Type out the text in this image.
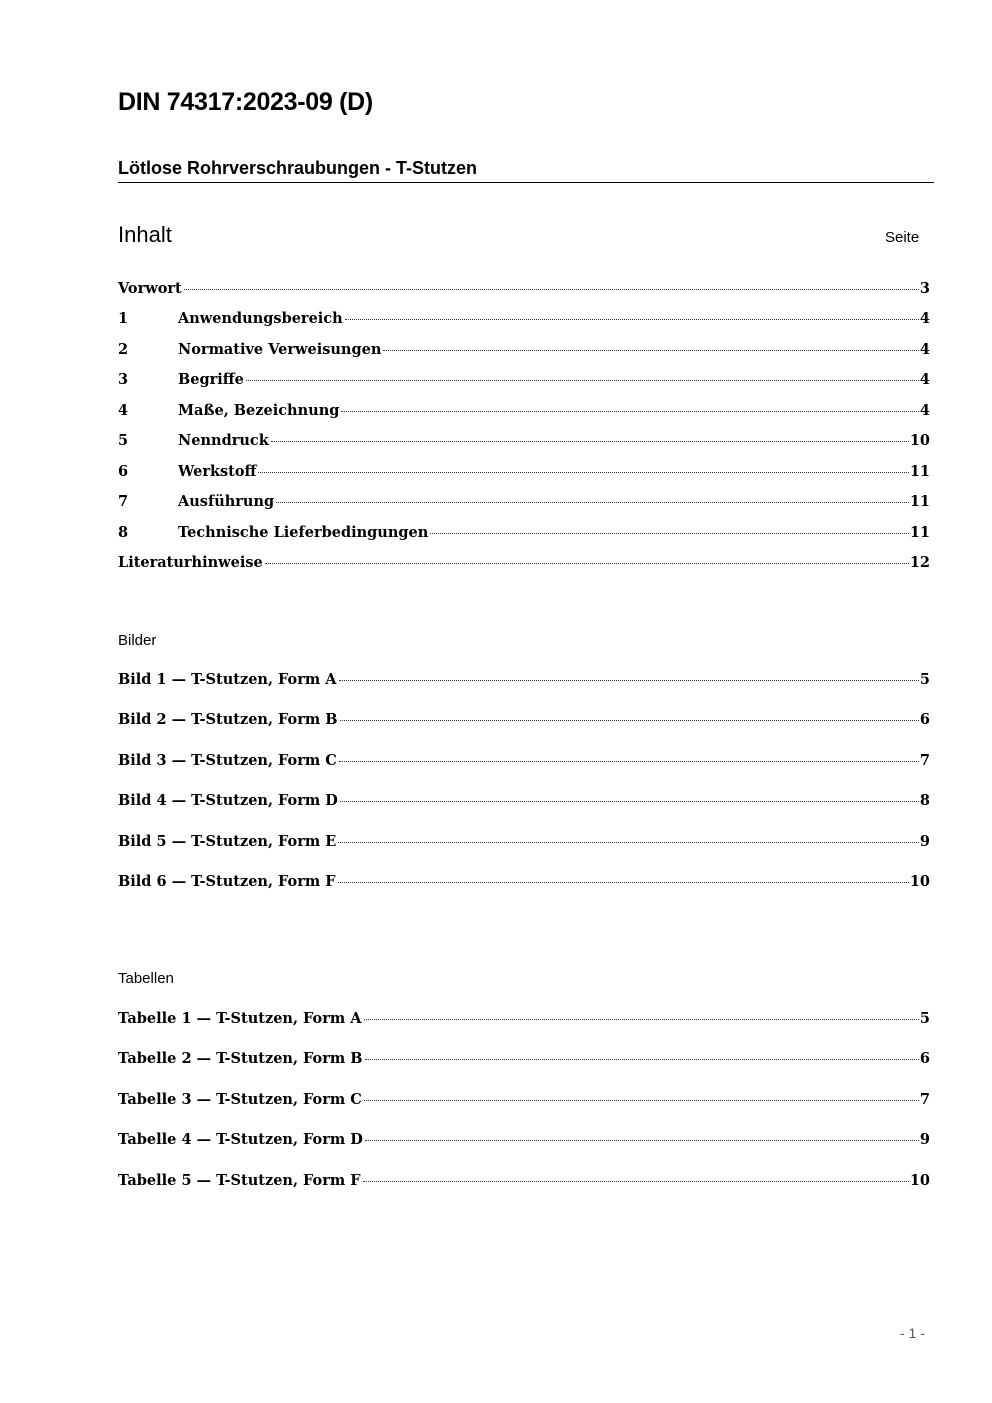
DIN 74317:2023-09 (D)
Lötlose Rohrverschraubungen - T-Stutzen
Inhalt	Seite
Vorwort	3
1	Anwendungsbereich	4
2	Normative Verweisungen	4
3	Begriffe	4
4	Maße, Bezeichnung	4
5	Nenndruck	10
6	Werkstoff	11
7	Ausführung	11
8	Technische Lieferbedingungen	11
Literaturhinweise	12
Bilder
Bild 1 — T-Stutzen, Form A	5
Bild 2 — T-Stutzen, Form B	6
Bild 3 — T-Stutzen, Form C	7
Bild 4 — T-Stutzen, Form D	8
Bild 5 — T-Stutzen, Form E	9
Bild 6 — T-Stutzen, Form F	10
Tabellen
Tabelle 1 — T-Stutzen, Form A	5
Tabelle 2 — T-Stutzen, Form B	6
Tabelle 3 — T-Stutzen, Form C	7
Tabelle 4 — T-Stutzen, Form D	9
Tabelle 5 — T-Stutzen, Form F	10
- 1 -
